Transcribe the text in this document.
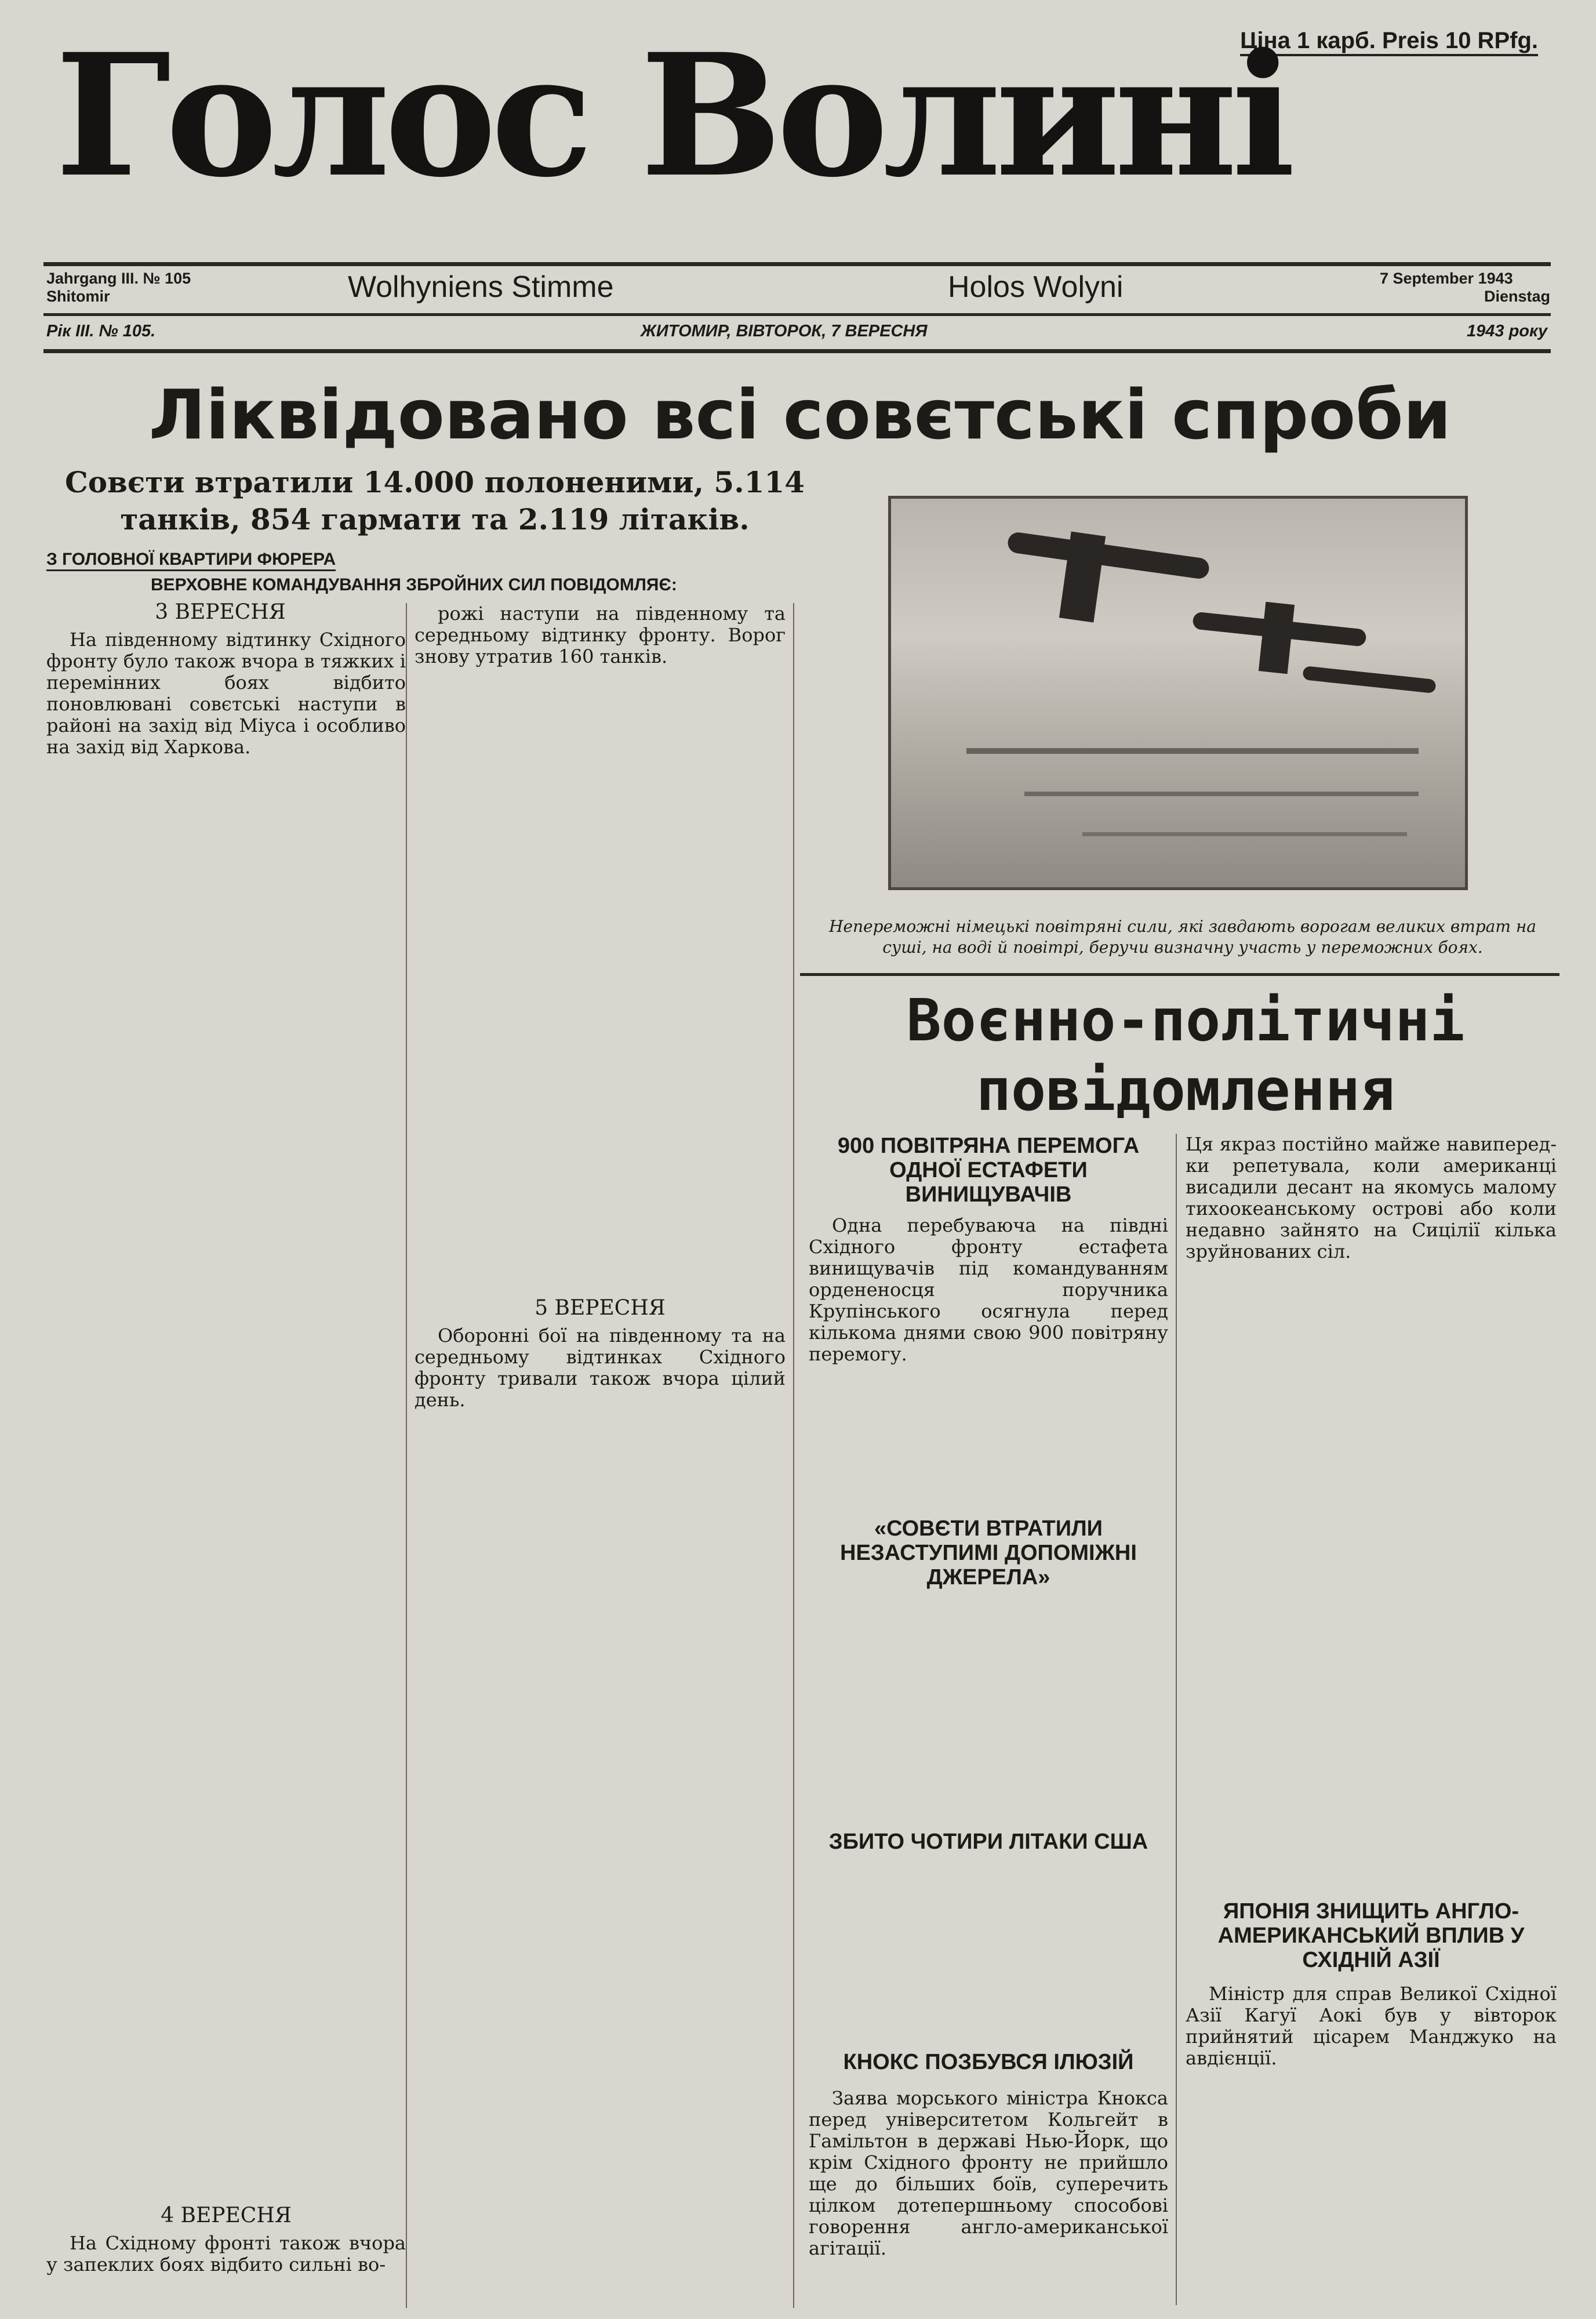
Ціна 1 карб. Preis 10 RPfg.
Голос Волині
Jahrgang III. № 105
Shitomir	Wolhyniens Stimme	Holos Wolyni	7 September 1943
Dienstag
Рік III. № 105.	ЖИТОМИР, ВІВТОРОК, 7 ВЕРЕСНЯ	1943 року
Ліквідовано всі совєтські спроби
Совєти втратили 14.000 полоненими, 5.114 танків, 854 гармати та 2.119 літаків.
З ГОЛОВНОЇ КВАРТИРИ ФЮРЕРА
ВЕРХОВНЕ КОМАНДУВАННЯ ЗБРОЙНИХ СИЛ ПОВІДОМЛЯЄ:
3 ВЕРЕСНЯ
На південному відтинку Східного фронту було також вчора в тяжких і перемінних боях відбито поновлювані совєтські наступи в районі на захід від Міуса і особливо на захід від Харкова.
рожі наступи на південному та середньому відтинку фронту. Ворог знову утратив 160 танків.
5 ВЕРЕСНЯ
Оборонні бої на південному та на середньому відтинках Східного фронту тривали також вчора цілий день.
4 ВЕРЕСНЯ
На Східному фронті також вчора у запеклих боях відбито сильні во-
Непереможні німецькі повітряні сили, які завдають ворогам великих втрат на суші, на воді й повітрі, беручи визначну участь у переможних боях.
Воєнно-політичні повідомлення
900 ПОВІТРЯНА ПЕРЕМОГА ОДНОЇ ЕСТАФЕТИ ВИНИЩУВАЧІВ
Одна перебуваюча на півдні Східного фронту естафета винищувачів під командуванням ордененосця поручника Крупінського осягнула перед кількома днями свою 900 повітряну перемогу.
«СОВЄТИ ВТРАТИЛИ НЕЗАСТУПИМІ ДОПОМІЖНІ ДЖЕРЕЛА»
ЗБИТО ЧОТИРИ ЛІТАКИ США
КНОКС ПОЗБУВСЯ ІЛЮЗІЙ
Заява морського міністра Кнокса перед університетом Кольгейт в Гамільтон в державі Нью-Йорк, що крім Східного фронту не прийшло ще до більших боїв, суперечить цілком дотепершньому способові говорення англо-американської агітації.
Ця якраз постійно майже навиперед-ки репетувала, коли американці висадили десант на якомусь малому тихоокеанському острові або коли недавно зайнято на Сицілії кілька зруйнованих сіл.
ЯПОНІЯ ЗНИЩИТЬ АНГЛО-АМЕРИКАНСЬКИЙ ВПЛИВ У СХІДНІЙ АЗІЇ
Міністр для справ Великої Східної Азії Кагуї Аокі був у вівторок прийнятий цісарем Манджуко на авдієнції.
